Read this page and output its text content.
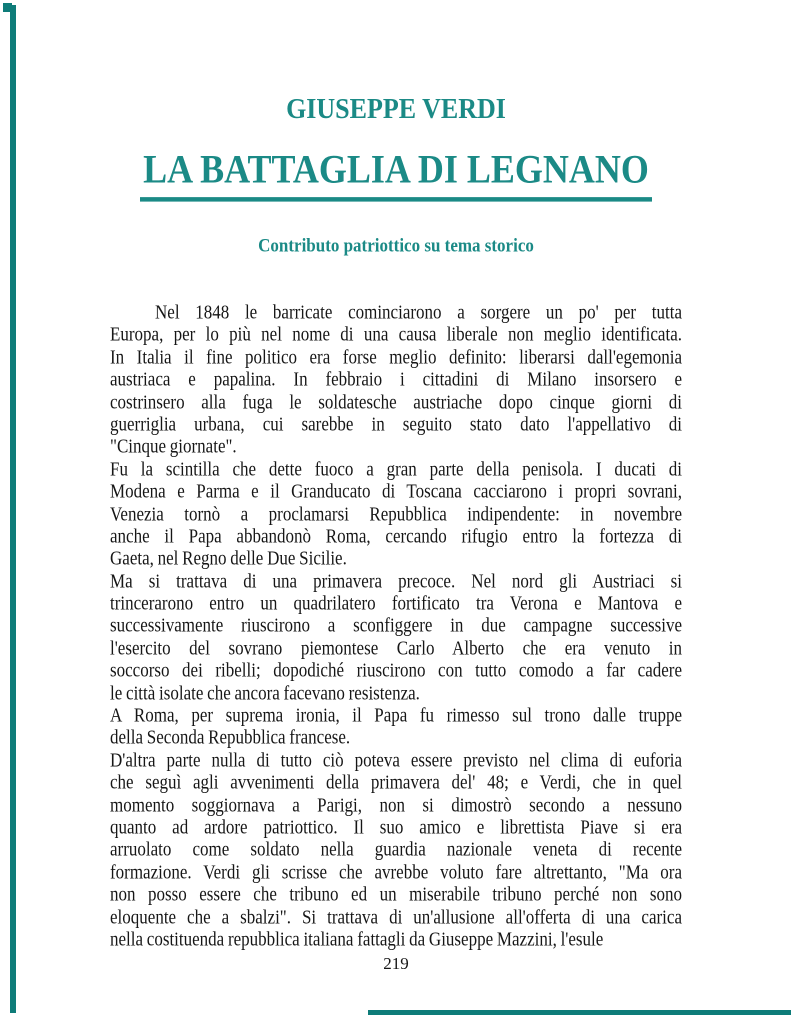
GIUSEPPE VERDI
LA BATTAGLIA DI LEGNANO
Contributo patriottico su tema storico
Nel 1848 le barricate cominciarono a sorgere un po' per tutta
Europa, per lo più nel nome di una causa liberale non meglio identificata.
In Italia il fine politico era forse meglio definito: liberarsi dall'egemonia
austriaca e papalina. In febbraio i cittadini di Milano insorsero e
costrinsero alla fuga le soldatesche austriache dopo cinque giorni di
guerriglia urbana, cui sarebbe in seguito stato dato l'appellativo di
"Cinque giornate".
Fu la scintilla che dette fuoco a gran parte della penisola. I ducati di
Modena e Parma e il Granducato di Toscana cacciarono i propri sovrani,
Venezia tornò a proclamarsi Repubblica indipendente: in novembre
anche il Papa abbandonò Roma, cercando rifugio entro la fortezza di
Gaeta, nel Regno delle Due Sicilie.
Ma si trattava di una primavera precoce. Nel nord gli Austriaci si
trincerarono entro un quadrilatero fortificato tra Verona e Mantova e
successivamente riuscirono a sconfiggere in due campagne successive
l'esercito del sovrano piemontese Carlo Alberto che era venuto in
soccorso dei ribelli; dopodiché riuscirono con tutto comodo a far cadere
le città isolate che ancora facevano resistenza.
A Roma, per suprema ironia, il Papa fu rimesso sul trono dalle truppe
della Seconda Repubblica francese.
D'altra parte nulla di tutto ciò poteva essere previsto nel clima di euforia
che seguì agli avvenimenti della primavera del' 48; e Verdi, che in quel
momento soggiornava a Parigi, non si dimostrò secondo a nessuno
quanto ad ardore patriottico. Il suo amico e librettista Piave si era
arruolato come soldato nella guardia nazionale veneta di recente
formazione. Verdi gli scrisse che avrebbe voluto fare altrettanto, "Ma ora
non posso essere che tribuno ed un miserabile tribuno perché non sono
eloquente che a sbalzi". Si trattava di un'allusione all'offerta di una carica
nella costituenda repubblica italiana fattagli da Giuseppe Mazzini, l'esule
219
